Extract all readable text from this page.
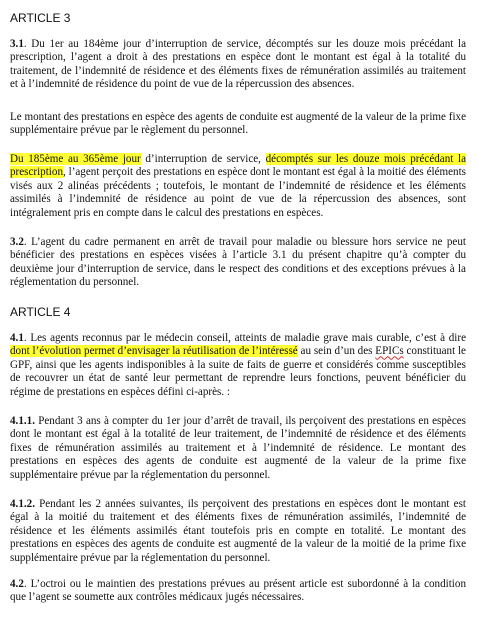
ARTICLE 3
3.1. Du 1er au 184ème jour d’interruption de service, décomptés sur les douze mois précédant la prescription, l’agent a droit à des prestations en espèce dont le montant est égal à la totalité du traitement, de l’indemnité de résidence et des éléments fixes de rémunération assimilés au traitement et à l’indemnité de résidence du point de vue de la répercussion des absences.
Le montant des prestations en espèce des agents de conduite est augmenté de la valeur de la prime fixe supplémentaire prévue par le règlement du personnel.
Du 185ème au 365ème jour d’interruption de service, décomptés sur les douze mois précédant la prescription, l’agent perçoit des prestations en espèce dont le montant est égal à la moitié des éléments visés aux 2 alinéas précédents ; toutefois, le montant de l’indemnité de résidence et les éléments assimilés à l’indemnité de résidence au point de vue de la répercussion des absences, sont intégralement pris en compte dans le calcul des prestations en espèces.
3.2. L’agent du cadre permanent en arrêt de travail pour maladie ou blessure hors service ne peut bénéficier des prestations en espèces visées à l’article 3.1 du présent chapitre qu’à compter du deuxième jour d’interruption de service, dans le respect des conditions et des exceptions prévues à la réglementation du personnel.
ARTICLE 4
4.1. Les agents reconnus par le médecin conseil, atteints de maladie grave mais curable, c’est à dire dont l’évolution permet d’envisager la réutilisation de l’intéressé au sein d’un des EPICs constituant le GPF, ainsi que les agents indisponibles à la suite de faits de guerre et considérés comme susceptibles de recouvrer un état de santé leur permettant de reprendre leurs fonctions, peuvent bénéficier du régime de prestations en espèces défini ci-après. :
4.1.1. Pendant 3 ans à compter du 1er jour d’arrêt de travail, ils perçoivent des prestations en espèces dont le montant est égal à la totalité de leur traitement, de l’indemnité de résidence et des éléments fixes de rémunération assimilés au traitement et à l’indemnité de résidence. Le montant des prestations en espèces des agents de conduite est augmenté de la valeur de la prime fixe supplémentaire prévue par la réglementation du personnel.
4.1.2. Pendant les 2 années suivantes, ils perçoivent des prestations en espèces dont le montant est égal à la moitié du traitement et des éléments fixes de rémunération assimilés, l’indemnité de résidence et les éléments assimilés étant toutefois pris en compte en totalité. Le montant des prestations en espèces des agents de conduite est augmenté de la valeur de la moitié de la prime fixe supplémentaire prévue par la réglementation du personnel.
4.2. L’octroi ou le maintien des prestations prévues au présent article est subordonné à la condition que l’agent se soumette aux contrôles médicaux jugés nécessaires.
